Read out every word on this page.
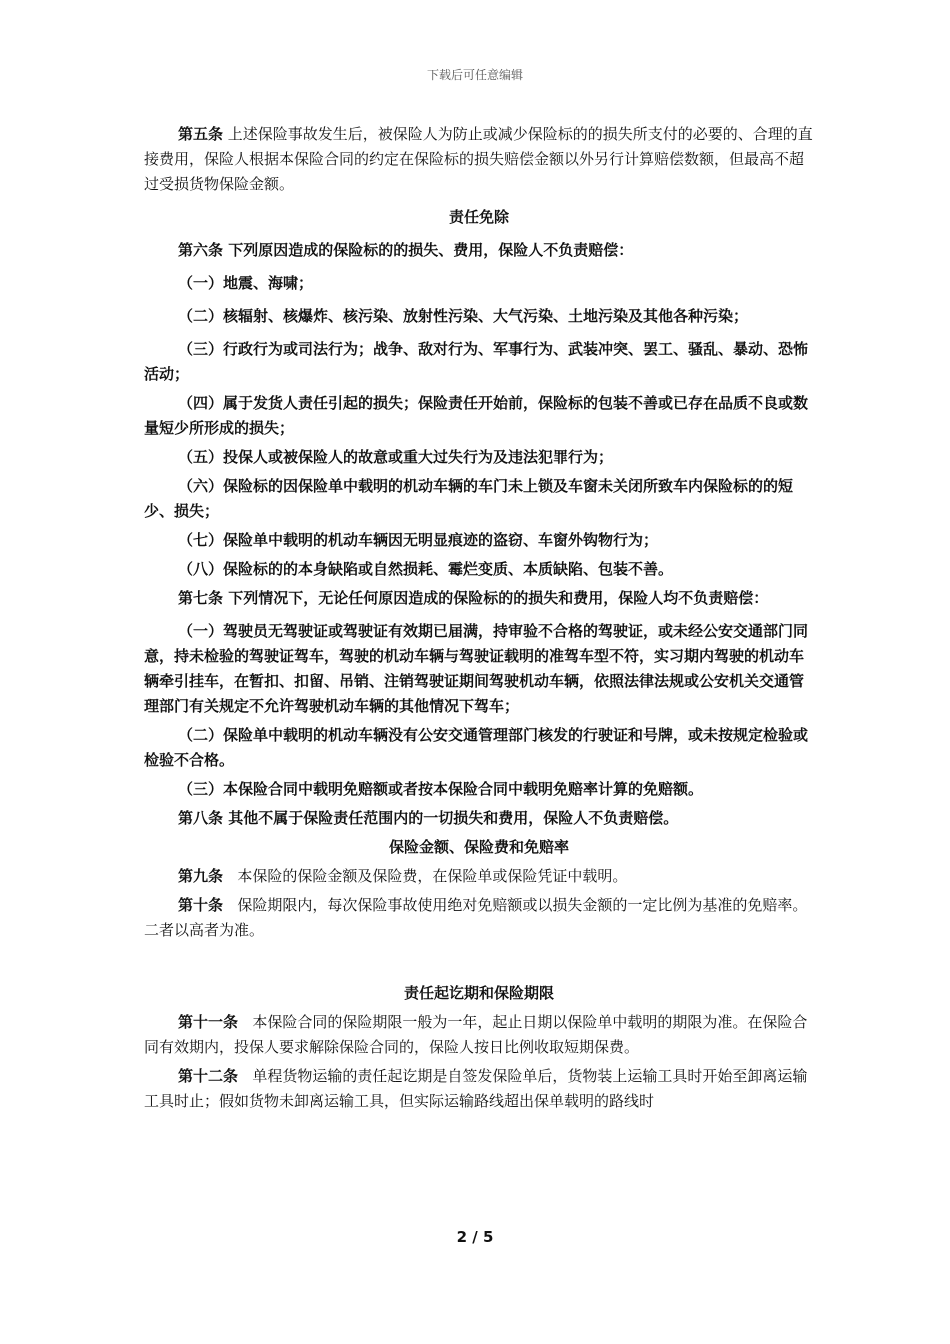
下载后可任意编辑

第五条 上述保险事故发生后，被保险人为防止或减少保险标的的损失所支付的必要的、合理的直接费用，保险人根据本保险合同的约定在保险标的损失赔偿金额以外另行计算赔偿数额，但最高不超过受损货物保险金额。

责任免除

第六条 下列原因造成的保险标的的损失、费用，保险人不负责赔偿：

（一）地震、海啸；

（二）核辐射、核爆炸、核污染、放射性污染、大气污染、土地污染及其他各种污染；

（三）行政行为或司法行为；战争、敌对行为、军事行为、武装冲突、罢工、骚乱、暴动、恐怖活动；

（四）属于发货人责任引起的损失；保险责任开始前，保险标的包装不善或已存在品质不良或数量短少所形成的损失；

（五）投保人或被保险人的故意或重大过失行为及违法犯罪行为；

（六）保险标的因保险单中载明的机动车辆的车门未上锁及车窗未关闭所致车内保险标的的短少、损失；

（七）保险单中载明的机动车辆因无明显痕迹的盗窃、车窗外钩物行为；

（八）保险标的的本身缺陷或自然损耗、霉烂变质、本质缺陷、包装不善。

第七条 下列情况下，无论任何原因造成的保险标的的损失和费用，保险人均不负责赔偿：

（一）驾驶员无驾驶证或驾驶证有效期已届满，持审验不合格的驾驶证，或未经公安交通部门同意，持未检验的驾驶证驾车，驾驶的机动车辆与驾驶证载明的准驾车型不符，实习期内驾驶的机动车辆牵引挂车，在暂扣、扣留、吊销、注销驾驶证期间驾驶机动车辆，依照法律法规或公安机关交通管理部门有关规定不允许驾驶机动车辆的其他情况下驾车；

（二）保险单中载明的机动车辆没有公安交通管理部门核发的行驶证和号牌，或未按规定检验或检验不合格。

（三）本保险合同中载明免赔额或者按本保险合同中载明免赔率计算的免赔额。

第八条 其他不属于保险责任范围内的一切损失和费用，保险人不负责赔偿。

保险金额、保险费和免赔率

第九条 本保险的保险金额及保险费，在保险单或保险凭证中载明。

第十条 保险期限内，每次保险事故使用绝对免赔额或以损失金额的一定比例为基准的免赔率。二者以高者为准。

责任起讫期和保险期限

第十一条 本保险合同的保险期限一般为一年，起止日期以保险单中载明的期限为准。在保险合同有效期内，投保人要求解除保险合同的，保险人按日比例收取短期保费。

第十二条 单程货物运输的责任起讫期是自签发保险单后，货物装上运输工具时开始至卸离运输工具时止；假如货物未卸离运输工具，但实际运输路线超出保单载明的路线时

2 / 5
